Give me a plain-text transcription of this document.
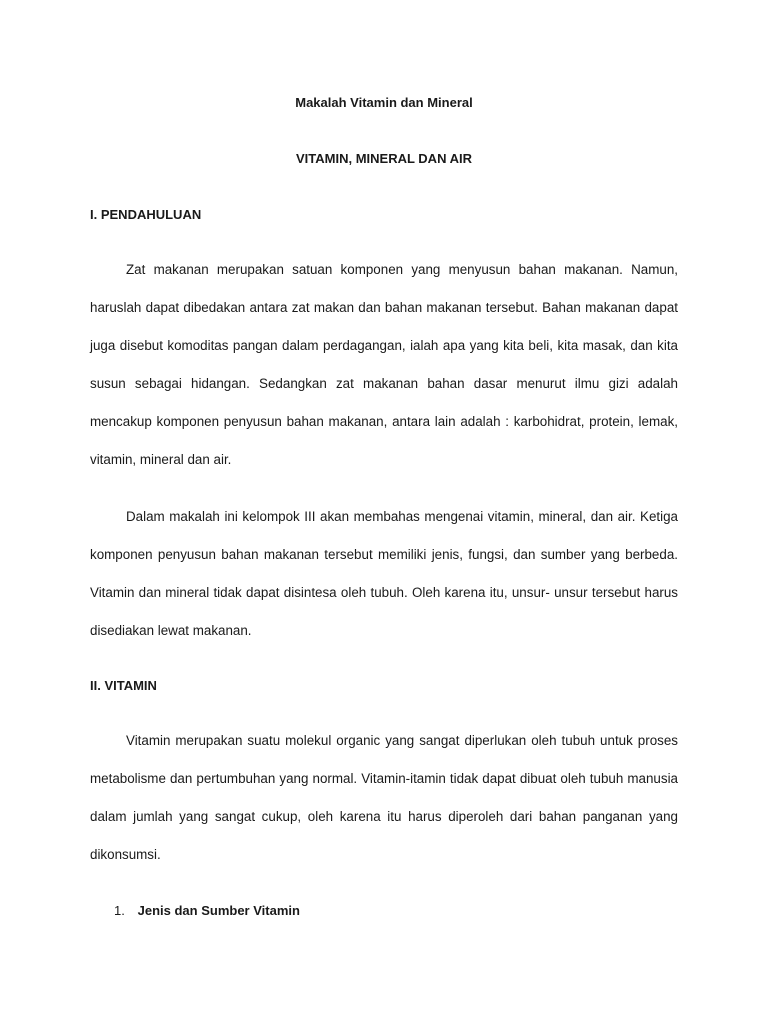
Makalah Vitamin dan Mineral

VITAMIN, MINERAL DAN AIR

I. PENDAHULUAN

Zat makanan merupakan satuan komponen yang menyusun bahan makanan. Namun, haruslah dapat dibedakan antara zat makan dan bahan makanan tersebut. Bahan makanan dapat juga disebut komoditas pangan dalam perdagangan, ialah apa yang kita beli, kita masak, dan kita susun sebagai hidangan. Sedangkan zat makanan bahan dasar menurut ilmu gizi adalah mencakup komponen penyusun bahan makanan, antara lain adalah : karbohidrat, protein, lemak, vitamin, mineral dan air.

Dalam makalah ini kelompok III akan membahas mengenai vitamin, mineral, dan air. Ketiga komponen penyusun bahan makanan tersebut memiliki jenis, fungsi, dan sumber yang berbeda. Vitamin dan mineral tidak dapat disintesa oleh tubuh. Oleh karena itu, unsur- unsur tersebut harus disediakan lewat makanan.

II. VITAMIN

Vitamin merupakan suatu molekul organic yang sangat diperlukan oleh tubuh untuk proses metabolisme dan pertumbuhan yang normal. Vitamin-itamin tidak dapat dibuat oleh tubuh manusia dalam jumlah yang sangat cukup, oleh karena itu harus diperoleh dari bahan panganan yang dikonsumsi.

1. Jenis dan Sumber Vitamin
